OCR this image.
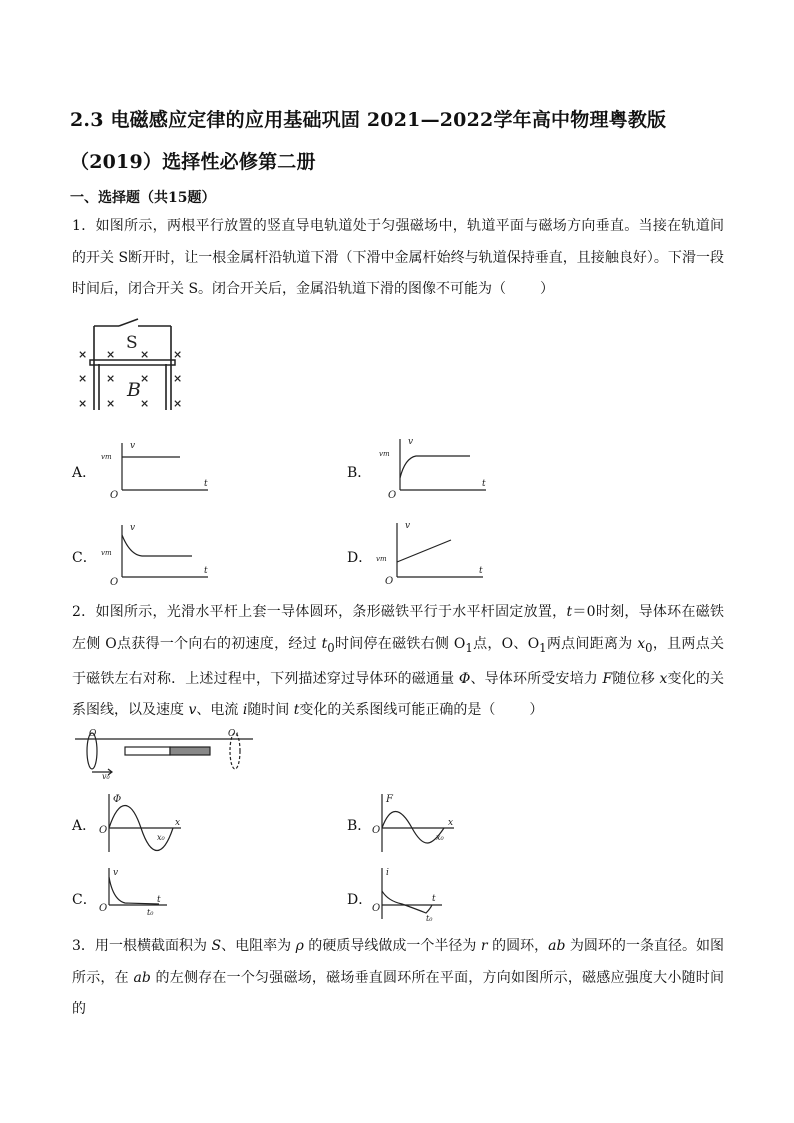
2.3 电磁感应定律的应用基础巩固 2021—2022学年高中物理粤教版
（2019）选择性必修第二册
一、选择题（共15题）
1．如图所示，两根平行放置的竖直导电轨道处于匀强磁场中，轨道平面与磁场方向垂直。当接在轨道间的开关 S断开时，让一根金属杆沿轨道下滑（下滑中金属杆始终与轨道保持垂直，且接触良好）。下滑一段时间后，闭合开关 S。闭合开关后，金属沿轨道下滑的图像不可能为（ ）
S
B
× × × ×
× × × ×
× × × ×
A．
v
t
O
vm
B．
v
t
O
vm
C．
v
t
O
vm	D．
v
t
O
vm
2．如图所示，光滑水平杆上套一导体圆环，条形磁铁平行于水平杆固定放置，t＝0时刻，导体环在磁铁左侧 O点获得一个向右的初速度，经过 $t_0$时间停在磁铁右侧 $O_1$点，O、$O_1$两点间距离为 $x_0$，且两点关于磁铁左右对称．上述过程中，下列描述穿过导体环的磁通量 Φ、导体环所受安培力 F随位移 x变化的关系图线，以及速度 v、电流 i随时间 t变化的关系图线可能正确的是（ ）
O	O₁
v₀
A．
Φ
x
O
x₀
B．
F
x
O
x₀
C．
v
t
O	t₀
D．
i
t
O
t₀
3．用一根横截面积为 S、电阻率为 ρ 的硬质导线做成一个半径为 r 的圆环，ab 为圆环的一条直径。如图所示，在 ab 的左侧存在一个匀强磁场，磁场垂直圆环所在平面，方向如图所示，磁感应强度大小随时间的
